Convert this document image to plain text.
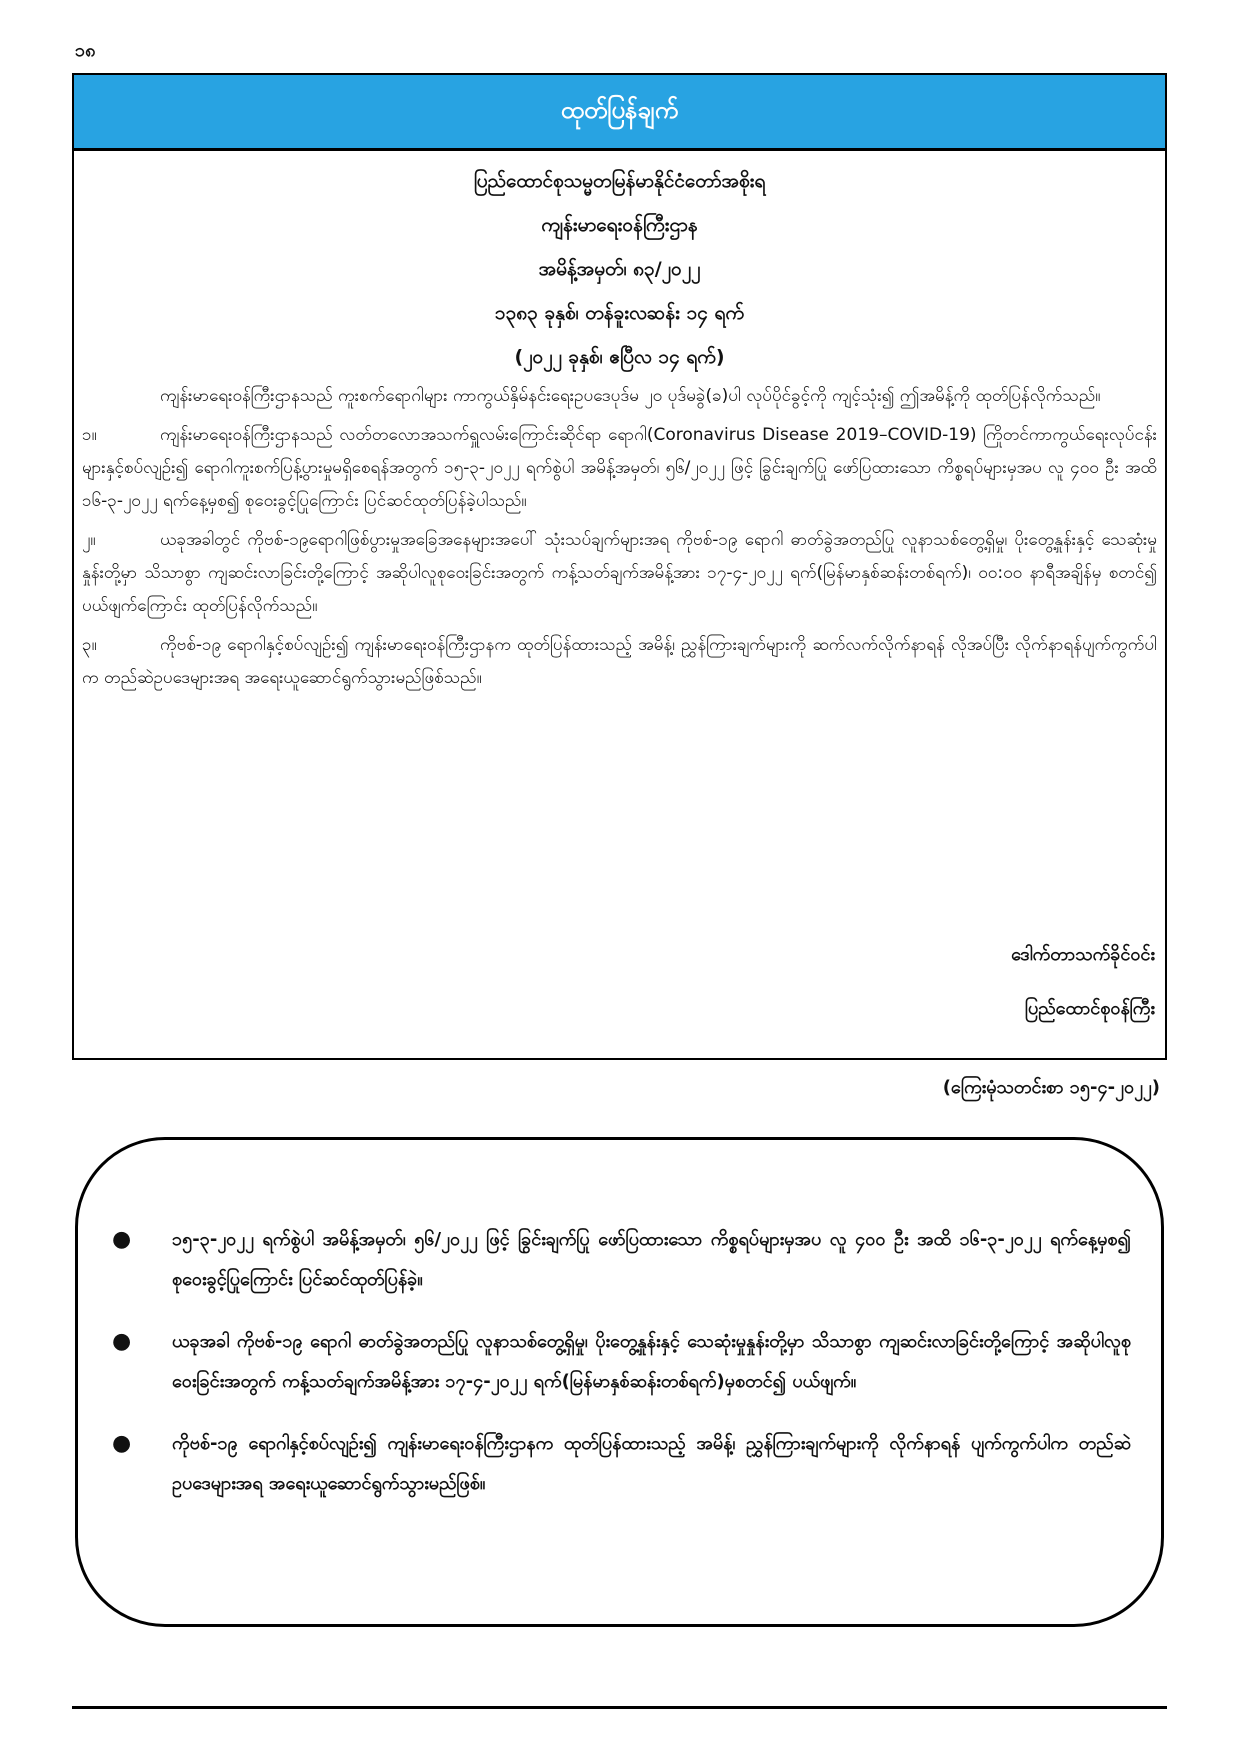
၁၈
ထုတ်ပြန်ချက်
ပြည်ထောင်စုသမ္မတမြန်မာနိုင်ငံတော်အစိုးရ
ကျန်းမာရေးဝန်ကြီးဌာန
အမိန့်အမှတ်၊ ၈၃/၂၀၂၂
၁၃၈၃ ခုနှစ်၊ တန်ခူးလဆန်း ၁၄ ရက်
(၂၀၂၂ ခုနှစ်၊ ဧပြီလ ၁၄ ရက်)

ကျန်းမာရေးဝန်ကြီးဌာနသည် ကူးစက်ရောဂါများ ကာကွယ်နှိမ်နင်းရေးဥပဒေပုဒ်မ ၂၀ ပုဒ်မခွဲ(ခ)ပါ လုပ်ပိုင်ခွင့်ကို ကျင့်သုံး၍ ဤအမိန့်ကို ထုတ်ပြန်လိုက်သည်။

၁။	ကျန်းမာရေးဝန်ကြီးဌာနသည် လတ်တလောအသက်ရှူလမ်းကြောင်းဆိုင်ရာ ရောဂါ(Coronavirus Disease 2019–COVID-19) ကြိုတင်ကာကွယ်ရေးလုပ်ငန်းများနှင့်စပ်လျဉ်း၍ ရောဂါကူးစက်ပြန့်ပွားမှုမရှိစေရန်အတွက် ၁၅-၃-၂၀၂၂ ရက်စွဲပါ အမိန့်အမှတ်၊ ၅၆/၂၀၂၂ ဖြင့် ခြွင်းချက်ပြု ဖော်ပြထားသော ကိစ္စရပ်များမှအပ လူ ၄၀၀ ဦး အထိ ၁၆-၃-၂၀၂၂ ရက်နေ့မှစ၍ စုဝေးခွင့်ပြုကြောင်း ပြင်ဆင်ထုတ်ပြန်ခဲ့ပါသည်။

၂။	ယခုအခါတွင် ကိုဗစ်-၁၉ရောဂါဖြစ်ပွားမှုအခြေအနေများအပေါ် သုံးသပ်ချက်များအရ ကိုဗစ်-၁၉ ရောဂါ ဓာတ်ခွဲအတည်ပြု လူနာသစ်တွေ့ရှိမှု၊ ပိုးတွေ့နှုန်းနှင့် သေဆုံးမှုနှုန်းတို့မှာ သိသာစွာ ကျဆင်းလာခြင်းတို့ကြောင့် အဆိုပါလူစုဝေးခြင်းအတွက် ကန့်သတ်ချက်အမိန့်အား ၁၇-၄-၂၀၂၂ ရက်(မြန်မာနှစ်ဆန်းတစ်ရက်)၊ ၀၀:၀၀ နာရီအချိန်မှ စတင်၍ ပယ်ဖျက်ကြောင်း ထုတ်ပြန်လိုက်သည်။

၃။	ကိုဗစ်-၁၉ ရောဂါနှင့်စပ်လျဉ်း၍ ကျန်းမာရေးဝန်ကြီးဌာနက ထုတ်ပြန်ထားသည့် အမိန့်၊ ညွှန်ကြားချက်များကို ဆက်လက်လိုက်နာရန် လိုအပ်ပြီး လိုက်နာရန်ပျက်ကွက်ပါက တည်ဆဲဥပဒေများအရ အရေးယူဆောင်ရွက်သွားမည်ဖြစ်သည်။

ဒေါက်တာသက်ခိုင်ဝင်း
ပြည်ထောင်စုဝန်ကြီး
(ကြေးမုံသတင်းစာ ၁၅-၄-၂၀၂၂)
●	၁၅-၃-၂၀၂၂ ရက်စွဲပါ အမိန့်အမှတ်၊ ၅၆/၂၀၂၂ ဖြင့် ခြွင်းချက်ပြု ဖော်ပြထားသော ကိစ္စရပ်များမှအပ လူ ၄၀၀ ဦး အထိ ၁၆-၃-၂၀၂၂ ရက်နေ့မှစ၍ စုဝေးခွင့်ပြုကြောင်း ပြင်ဆင်ထုတ်ပြန်ခဲ့။
●	ယခုအခါ ကိုဗစ်-၁၉ ရောဂါ ဓာတ်ခွဲအတည်ပြု လူနာသစ်တွေ့ရှိမှု၊ ပိုးတွေ့နှုန်းနှင့် သေဆုံးမှုနှုန်းတို့မှာ သိသာစွာ ကျဆင်းလာခြင်းတို့ကြောင့် အဆိုပါလူစုဝေးခြင်းအတွက် ကန့်သတ်ချက်အမိန့်အား ၁၇-၄-၂၀၂၂ ရက်(မြန်မာနှစ်ဆန်းတစ်ရက်)မှစတင်၍ ပယ်ဖျက်။
●	ကိုဗစ်-၁၉ ရောဂါနှင့်စပ်လျဉ်း၍ ကျန်းမာရေးဝန်ကြီးဌာနက ထုတ်ပြန်ထားသည့် အမိန့်၊ ညွှန်ကြားချက်များကို လိုက်နာရန် ပျက်ကွက်ပါက တည်ဆဲဥပဒေများအရ အရေးယူဆောင်ရွက်သွားမည်ဖြစ်။
